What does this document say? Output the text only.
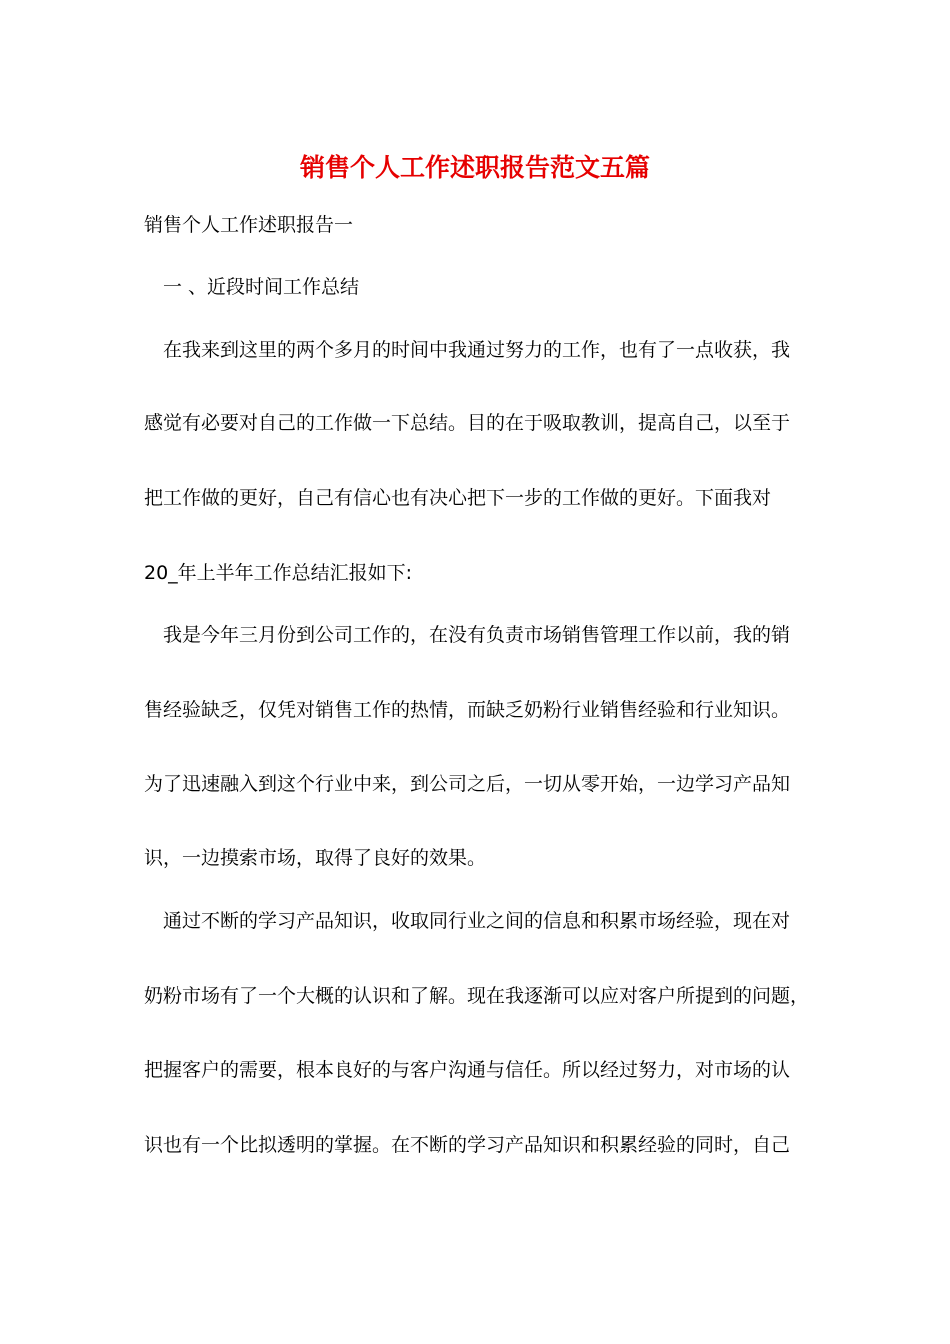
销售个人工作述职报告范文五篇

销售个人工作述职报告一

一 、近段时间工作总结

在我来到这里的两个多月的时间中我通过努力的工作，也有了一点收获，我

感觉有必要对自己的工作做一下总结。目的在于吸取教训，提高自己，以至于

把工作做的更好，自己有信心也有决心把下一步的工作做的更好。下面我对

20_年上半年工作总结汇报如下:

我是今年三月份到公司工作的，在没有负责市场销售管理工作以前，我的销

售经验缺乏，仅凭对销售工作的热情，而缺乏奶粉行业销售经验和行业知识。

为了迅速融入到这个行业中来，到公司之后，一切从零开始，一边学习产品知

识，一边摸索市场，取得了良好的效果。

通过不断的学习产品知识，收取同行业之间的信息和积累市场经验，现在对

奶粉市场有了一个大概的认识和了解。现在我逐渐可以应对客户所提到的问题，

把握客户的需要，根本良好的与客户沟通与信任。所以经过努力，对市场的认

识也有一个比拟透明的掌握。在不断的学习产品知识和积累经验的同时，自己
